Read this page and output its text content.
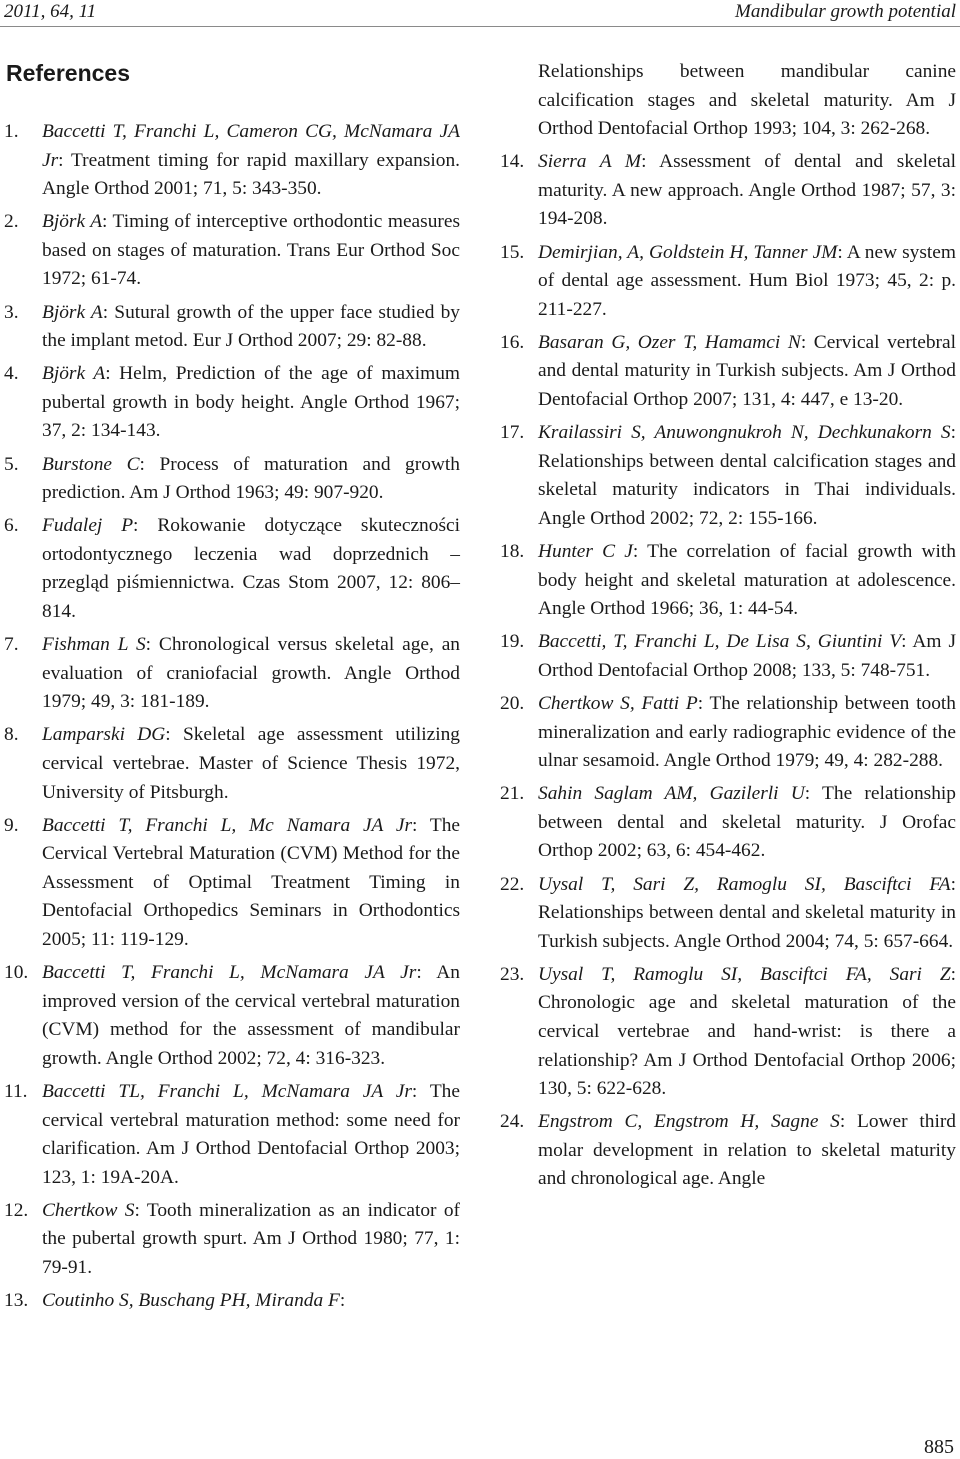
2011, 64, 11	Mandibular growth potential
References
1.	Baccetti T, Franchi L, Cameron CG, McNamara JA Jr: Treatment timing for rapid maxillary expansion. Angle Orthod 2001; 71, 5: 343-350.
2.	Björk A: Timing of interceptive orthodontic measures based on stages of maturation. Trans Eur Orthod Soc 1972; 61-74.
3.	Björk A: Sutural growth of the upper face studied by the implant metod. Eur J Orthod 2007; 29: 82-88.
4.	Björk A: Helm, Prediction of the age of maximum pubertal growth in body height. Angle Orthod 1967; 37, 2: 134-143.
5.	Burstone C: Process of maturation and growth prediction. Am J Orthod 1963; 49: 907-920.
6.	Fudalej P: Rokowanie dotyczące skuteczności ortodontycznego leczenia wad doprzednich – przegląd piśmiennictwa. Czas Stom 2007, 12: 806– 814.
7.	Fishman L S: Chronological versus skeletal age, an evaluation of craniofacial growth. Angle Orthod 1979; 49, 3: 181-189.
8.	Lamparski DG: Skeletal age assessment utilizing cervical vertebrae. Master of Science Thesis 1972, University of Pitsburgh.
9.	Baccetti T, Franchi L, Mc Namara JA Jr: The Cervical Vertebral Maturation (CVM) Method for the Assessment of Optimal Treatment Timing in Dentofacial Orthopedics Seminars in Orthodontics 2005; 11: 119-129.
10. Baccetti T, Franchi L, McNamara JA Jr: An improved version of the cervical vertebral maturation (CVM) method for the assessment of mandibular growth. Angle Orthod 2002; 72, 4: 316-323.
11. Baccetti TL, Franchi L, McNamara JA Jr: The cervical vertebral maturation method: some need for clarification. Am J Orthod Dentofacial Orthop 2003; 123, 1: 19A-20A.
12. Chertkow S: Tooth mineralization as an indicator of the pubertal growth spurt. Am J Orthod 1980; 77, 1: 79-91.
13. Coutinho S, Buschang PH, Miranda F:
Relationships between mandibular canine calcification stages and skeletal maturity. Am J Orthod Dentofacial Orthop 1993; 104, 3: 262-268.
14. Sierra A M: Assessment of dental and skeletal maturity. A new approach. Angle Orthod 1987; 57, 3: 194-208.
15. Demirjian, A, Goldstein H, Tanner JM: A new system of dental age assessment. Hum Biol 1973; 45, 2: p. 211-227.
16. Basaran G, Ozer T, Hamamci N: Cervical vertebral and dental maturity in Turkish subjects. Am J Orthod Dentofacial Orthop 2007; 131, 4: 447, e 13-20.
17. Krailassiri S, Anuwongnukroh N, Dechkunakorn S: Relationships between dental calcification stages and skeletal maturity indicators in Thai individuals. Angle Orthod 2002; 72, 2: 155-166.
18. Hunter C J: The correlation of facial growth with body height and skeletal maturation at adolescence. Angle Orthod 1966; 36, 1: 44-54.
19. Baccetti, T, Franchi L, De Lisa S, Giuntini V: Am J Orthod Dentofacial Orthop 2008; 133, 5: 748-751.
20. Chertkow S, Fatti P: The relationship between tooth mineralization and early radiographic evidence of the ulnar sesamoid. Angle Orthod 1979; 49, 4: 282-288.
21. Sahin Saglam AM, Gazilerli U: The relationship between dental and skeletal maturity. J Orofac Orthop 2002; 63, 6: 454-462.
22. Uysal T, Sari Z, Ramoglu SI, Basciftci FA: Relationships between dental and skeletal maturity in Turkish subjects. Angle Orthod 2004; 74, 5: 657-664.
23. Uysal T, Ramoglu SI, Basciftci FA, Sari Z: Chronologic age and skeletal maturation of the cervical vertebrae and hand-wrist: is there a relationship? Am J Orthod Dentofacial Orthop 2006; 130, 5: 622-628.
24. Engstrom C, Engstrom H, Sagne S: Lower third molar development in relation to skeletal maturity and chronological age. Angle
885
